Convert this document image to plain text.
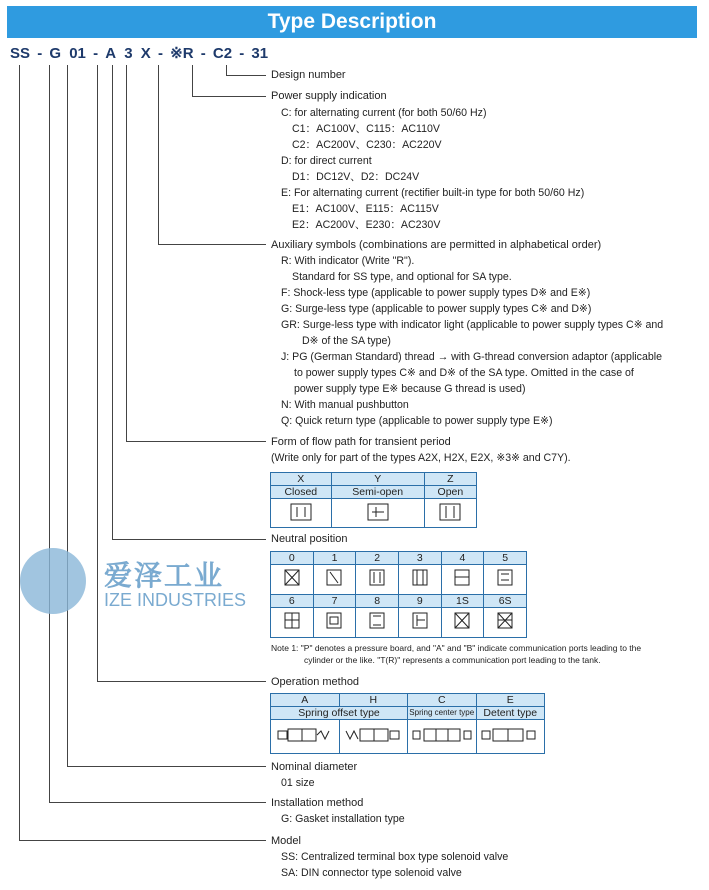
Type Description
SS - G 01 - A 3 X - ※R - C2 - 31
Design number
Power supply indication
C: for alternating current (for both 50/60 Hz)
C1：AC100V、C115：AC110V
C2：AC200V、C230：AC220V
D: for direct current
D1：DC12V、D2：DC24V
E: For alternating current (rectifier built-in type for both 50/60 Hz)
E1：AC100V、E115：AC115V
E2：AC200V、E230：AC230V
Auxiliary symbols (combinations are permitted in alphabetical order)
R: With indicator (Write "R").
Standard for SS type, and optional for SA type.
F: Shock-less type (applicable to power supply types D※ and E※)
G: Surge-less type (applicable to power supply types C※ and D※)
GR: Surge-less type with indicator light (applicable to power supply types C※ and
D※ of the SA type)
J: PG (German Standard) thread → with G-thread conversion adaptor (applicable
to power supply types C※ and D※ of the SA type. Omitted in the case of
power supply type E※ because G thread is used)
N: With manual pushbutton
Q: Quick return type (applicable to power supply type E※)
Form of flow path for transient period
(Write only for part of the types A2X, H2X, E2X, ※3※ and C7Y).
X	Y	Z
Closed	Semi-open	Open

Neutral position
0	1	2	3	4	5

6	7	8	9	1S	6S

Note 1: "P" denotes a pressure board, and "A" and "B" indicate communication ports leading to the
cylinder or the like. "T(R)" represents a communication port leading to the tank.
Operation method
A	H	C	E
Spring offset type		Spring center type	Detent type

Nominal diameter
01 size
Installation method
G: Gasket installation type
Model
SS: Centralized terminal box type solenoid valve
SA: DIN connector type solenoid valve
爱泽工业
IZE INDUSTRIES
